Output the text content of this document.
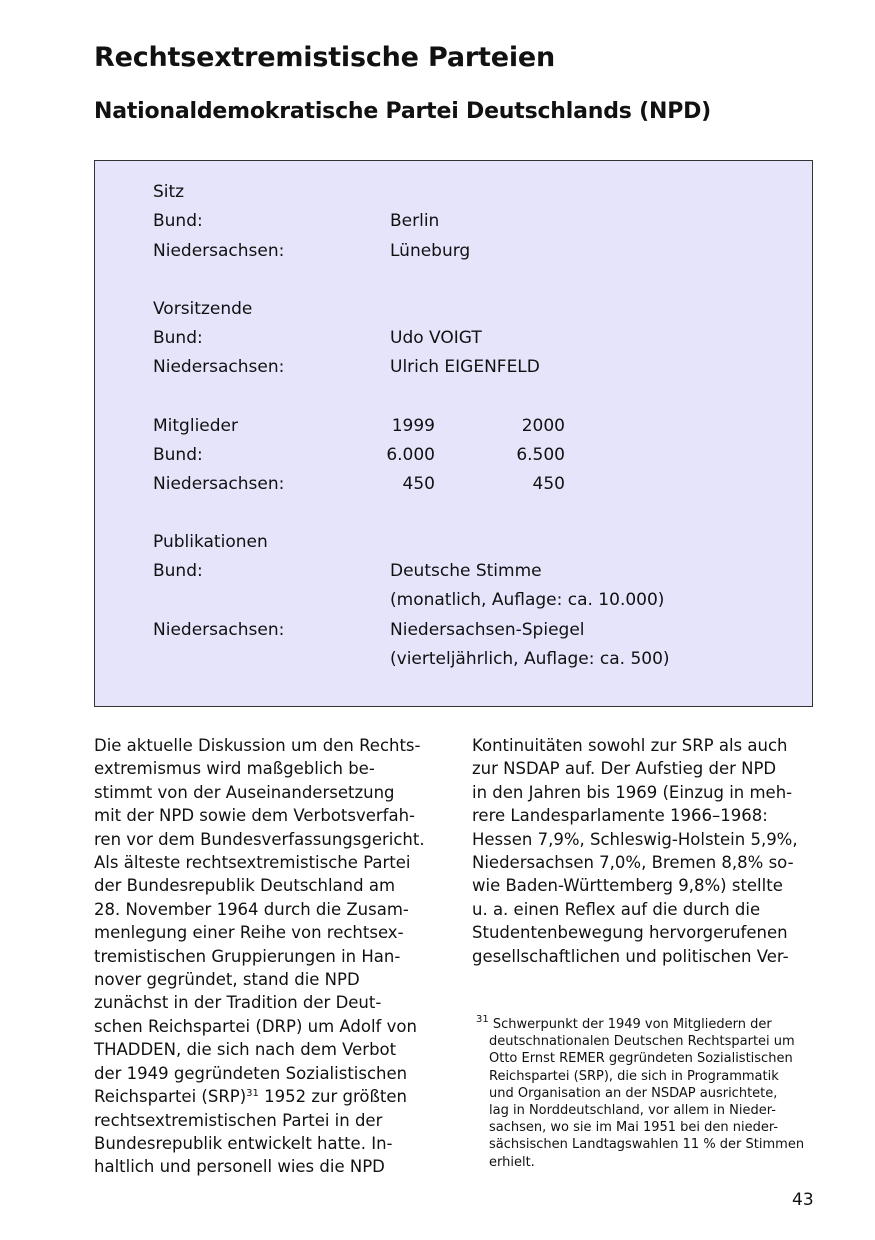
Rechtsextremistische Parteien
Nationaldemokratische Partei Deutschlands (NPD)
Sitz
Bund:	Berlin
Niedersachsen:	Lüneburg
Vorsitzende
Bund:	Udo VOIGT
Niedersachsen:	Ulrich EIGENFELD
Mitglieder	1999	2000
Bund:	6.000	6.500
Niedersachsen:	450	450
Publikationen
Bund:	Deutsche Stimme
(monatlich, Auflage: ca. 10.000)
Niedersachsen:	Niedersachsen-Spiegel
(vierteljährlich, Auflage: ca. 500)
Die aktuelle Diskussion um den Rechts-
extremismus wird maßgeblich be-
stimmt von der Auseinandersetzung
mit der NPD sowie dem Verbotsverfah-
ren vor dem Bundesverfassungsgericht.
Als älteste rechtsextremistische Partei
der Bundesrepublik Deutschland am
28. November 1964 durch die Zusam-
menlegung einer Reihe von rechtsex-
tremistischen Gruppierungen in Han-
nover gegründet, stand die NPD
zunächst in der Tradition der Deut-
schen Reichspartei (DRP) um Adolf von
THADDEN, die sich nach dem Verbot
der 1949 gegründeten Sozialistischen
Reichspartei (SRP)$^{31}$ 1952 zur größten
rechtsextremistischen Partei in der
Bundesrepublik entwickelt hatte. In-
haltlich und personell wies die NPD
Kontinuitäten sowohl zur SRP als auch
zur NSDAP auf. Der Aufstieg der NPD
in den Jahren bis 1969 (Einzug in meh-
rere Landesparlamente 1966–1968:
Hessen 7,9%, Schleswig-Holstein 5,9%,
Niedersachsen 7,0%, Bremen 8,8% so-
wie Baden-Württemberg 9,8%) stellte
u. a. einen Reflex auf die durch die
Studentenbewegung hervorgerufenen
gesellschaftlichen und politischen Ver-
$^{31}$ Schwerpunkt der 1949 von Mitgliedern der
deutschnationalen Deutschen Rechtspartei um
Otto Ernst REMER gegründeten Sozialistischen
Reichspartei (SRP), die sich in Programmatik
und Organisation an der NSDAP ausrichtete,
lag in Norddeutschland, vor allem in Nieder-
sachsen, wo sie im Mai 1951 bei den nieder-
sächsischen Landtagswahlen 11 % der Stimmen
erhielt.
43
